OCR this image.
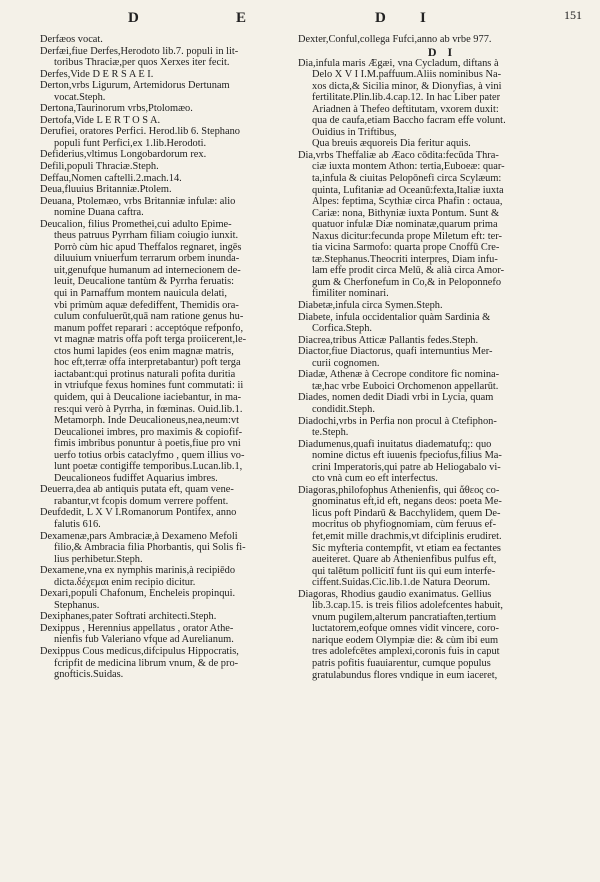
D	E	D I	151

Derfæos vocat.

Derfæi,fiue Derfes,Herodoto lib.7. populi in lit-
toribus Thraciæ,per quos Xerxes iter fecit.

Derfes,Vide D E R S A E I.

Derton,vrbs Ligurum, Artemidorus Dertunam
vocat.Steph.

Dertona,Taurinorum vrbs,Ptolomæo.

Dertofa,Vide L E R T O S A.

Derufiei, oratores Perfici. Herod.lib 6. Stephano
populi funt Perfici,ex 1.lib.Herodoti.

Defiderius,vltimus Longobardorum rex.

Defili,populi Thraciæ.Steph.

Deffau,Nomen caftelli.2.mach.14.

Deua,fluuius Britanniæ.Ptolem.

Deuana, Ptolemæo, vrbs Britanniæ infulæ: alio
nomine Duana caftra.

Deucalion, filius Promethei,cui adulto Epime-
theus patruus Pyrrham filiam coiugio iunxit.
Porrò cùm hic apud Theffalos regnaret, ingēs
diluuium vniuerfum terrarum orbem inunda-
uit,genufque humanum ad internecionem de-
leuit, Deucalione tantùm & Pyrrha feruatis:
qui in Parnaffum montem nauicula delati,
vbi primùm aquæ defediffent, Themidis ora-
culum confuluerūt,quā nam ratione genus hu-
manum poffet reparari : acceptóque refponfo,
vt magnæ matris offa poft terga proiicerent,le-
ctos humi lapides (eos enim magnæ matris,
hoc eft,terræ offa interpretabantur) poft terga
iactabant:qui protinus naturali pofita duritia
in vtriufque fexus homines funt commutati: ii
quidem, qui à Deucalione iaciebantur, in ma-
res:qui verò à Pyrrha, in fœminas. Ouid.lib.1.
Metamorph. Inde Deucalioneus,nea,neum:vt
Deucalionei imbres, pro maximis & copiofif-
fimis imbribus ponuntur à poetis,fiue pro vni
uerfo totius orbis cataclyfmo , quem illius vo-
lunt poetæ contigiffe temporibus.Lucan.lib.1,
Deucalioneos fudiffet Aquarius imbres.

Deuerra,dea ab antiquis putata eft, quam vene-
rabantur,vt fcopis domum verrere poffent.

Deufdedit, L X V I.Romanorum Pontifex, anno
falutis 616.

Dexamenæ,pars Ambraciæ,à Dexameno Mefoli
filio,& Ambracia filia Phorbantis, qui Solis fi-
lius perhibetur.Steph.

Dexamene,vna ex nymphis marinis,à recipiēdo
dicta.δέχεμαι enim recipio dicitur.

Dexari,populi Chafonum, Encheleis propinqui.
Stephanus.

Dexiphanes,pater Softrati architecti.Steph.

Dexippus , Herennius appellatus , orator Athe-
nienfis fub Valeriano vfque ad Aurelianum.

Dexippus Cous medicus,difcipulus Hippocratis,
fcripfit de medicina librum vnum, & de pro-
gnofticis.Suidas.

Dexter,Conful,collega Fufci,anno ab vrbe 977.

D I

Dia,infula maris Ægæi, vna Cycladum, diftans à
Delo X V I I.M.paffuum.Aliis nominibus Na-
xos dicta,& Sicilia minor, & Dionyfias, à vini
fertilitate.Plin.lib.4.cap.12. In hac Liber pater
Ariadnen à Thefeo deftitutam, vxorem duxit:
qua de caufa,etiam Baccho facram effe volunt.
Ouidius in Triftibus,
Qua breuis æquoreis Dia feritur aquis.

Dia,vrbs Theffaliæ ab Æaco cōdita:fecūda Thra-
ciæ iuxta montem Athon: tertia,Euboeæ: quar-
ta,infula & ciuitas Pelopōnefi circa Scylæum:
quinta, Lufitaniæ ad Oceanū:fexta,Italiæ iuxta
Alpes: feptima, Scythiæ circa Phafin : octaua,
Cariæ: nona, Bithyniæ iuxta Pontum. Sunt &
quatuor infulæ Diæ nominatæ,quarum prima
Naxus dicitur:fecunda prope Miletum eft: ter-
tia vicina Sarmofo: quarta prope Cnoffū Cre-
tæ.Stephanus.Theocriti interpres, Diam infu-
lam effe prodit circa Melū, & alià circa Amor-
gum & Cherfonefum in Co,& in Peloponnefo
fimiliter nominari.

Diabetæ,infula circa Symen.Steph.

Diabete, infula occidentalior quàm Sardinia &
Corfica.Steph.

Diacrea,tribus Atticæ Pallantis fedes.Steph.

Diactor,fiue Diactorus, quafi internuntius Mer-
curii cognomen.

Diadæ, Athenæ à Cecrope conditore fic nomina-
tæ,hac vrbe Euboici Orchomenon appellarūt.

Diades, nomen dedit Diadi vrbi in Lycia, quam
condidit.Steph.

Diadochi,vrbs in Perfia non procul à Ctefiphon-
te.Steph.

Diadumenus,quafi inuitatus diadematufq;: quo
nomine dictus eft iuuenis fpeciofus,filius Ma-
crini Imperatoris,qui patre ab Heliogabalo vi-
cto vnà cum eo eft interfectus.

Diagoras,philofophus Athenienfis, qui ἄθεος co-
gnominatus eft,id eft, negans deos: poeta Me-
licus poft Pindarū & Bacchylidem, quem De-
mocritus ob phyfiognomiam, cùm feruus ef-
fet,emit mille drachmis,vt difciplinis erudiret.
Sic myfteria contempfit, vt etiam ea fectantes
aueiteret. Quare ab Athenienfibus pulfus eft,
qui talētum pollicitī funt iis qui eum interfe-
ciffent.Suidas.Cic.lib.1.de Natura Deorum.

Diagoras, Rhodius gaudio exanimatus. Gellius
lib.3.cap.15. is treis filios adolefcentes habuit,
vnum pugilem,alterum pancratiaften,tertium
luctatorem,eofque omnes vidit vincere, coro-
narique eodem Olympiæ die: & cùm ibi eum
tres adolefcētes amplexi,coronis fuis in caput
patris pofitis fuauiarentur, cumque populus
gratulabundus flores vndique in eum iaceret,
